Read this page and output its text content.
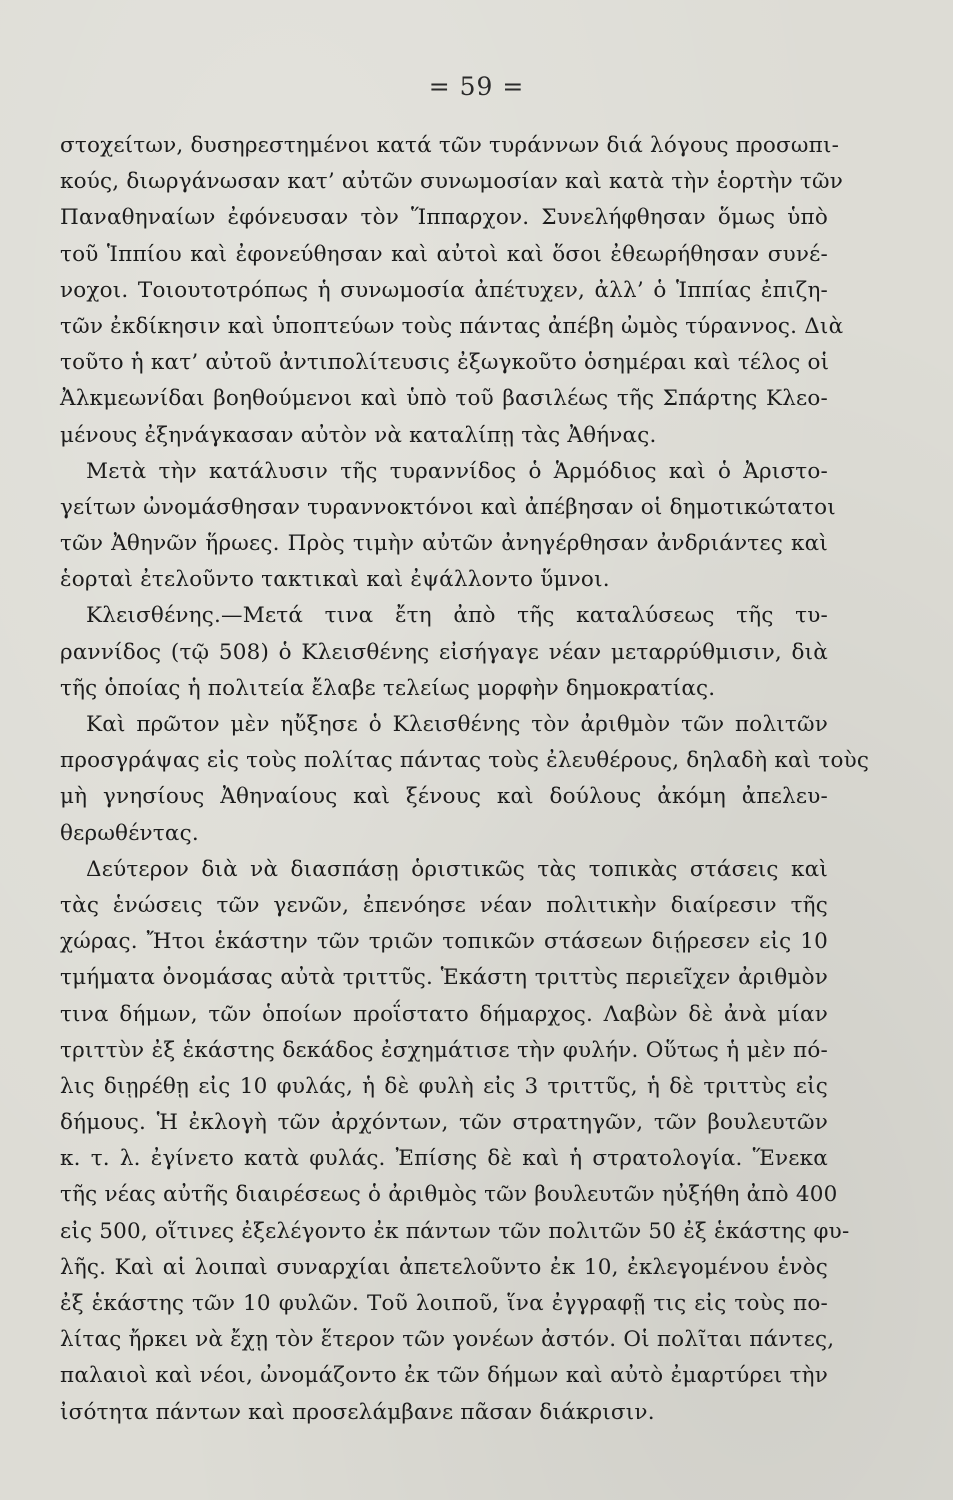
= 59 =
στοχείτων, δυσηρεστημένοι κατά τῶν τυράννων διά λόγους προσωπι-
κούς, διωργάνωσαν κατ’ αὐτῶν συνωμοσίαν καὶ κατὰ τὴν ἑορτὴν τῶν
Παναθηναίων ἐφόνευσαν τὸν Ἵππαρχον. Συνελήφθησαν ὅμως ὑπὸ
τοῦ Ἱππίου καὶ ἐφονεύθησαν καὶ αὐτοὶ καὶ ὅσοι ἐθεωρήθησαν συνέ-
νοχοι. Τοιουτοτρόπως ἡ συνωμοσία ἀπέτυχεν, ἀλλ’ ὁ Ἱππίας ἐπιζη-
τῶν ἐκδίκησιν καὶ ὑποπτεύων τοὺς πάντας ἀπέβη ὠμὸς τύραννος. Διὰ
τοῦτο ἡ κατ’ αὐτοῦ ἀντιπολίτευσις ἐξωγκοῦτο ὁσημέραι καὶ τέλος οἱ
Ἀλκμεωνίδαι βοηθούμενοι καὶ ὑπὸ τοῦ βασιλέως τῆς Σπάρτης Κλεο-
μένους ἐξηνάγκασαν αὐτὸν νὰ καταλίπῃ τὰς Ἀθήνας.
Μετὰ τὴν κατάλυσιν τῆς τυραννίδος ὁ Ἁρμόδιος καὶ ὁ Ἀριστο-
γείτων ὠνομάσθησαν τυραννοκτόνοι καὶ ἀπέβησαν οἱ δημοτικώτατοι
τῶν Ἀθηνῶν ἥρωες. Πρὸς τιμὴν αὐτῶν ἀνηγέρθησαν ἀνδριάντες καὶ
ἑορταὶ ἐτελοῦντο τακτικαὶ καὶ ἐψάλλοντο ὕμνοι.
Κλεισθένης.—Μετά τινα ἔτη ἀπὸ τῆς καταλύσεως τῆς τυ-
ραννίδος (τῷ 508) ὁ Κλεισθένης εἰσήγαγε νέαν μεταρρύθμισιν, διὰ
τῆς ὁποίας ἡ πολιτεία ἔλαβε τελείως μορφὴν δημοκρατίας.
Καὶ πρῶτον μὲν ηὔξησε ὁ Κλεισθένης τὸν ἀριθμὸν τῶν πολιτῶν
προσγράψας εἰς τοὺς πολίτας πάντας τοὺς ἐλευθέρους, δηλαδὴ καὶ τοὺς
μὴ γνησίους Ἀθηναίους καὶ ξένους καὶ δούλους ἀκόμη ἀπελευ-
θερωθέντας.
Δεύτερον διὰ νὰ διασπάσῃ ὁριστικῶς τὰς τοπικὰς στάσεις καὶ
τὰς ἑνώσεις τῶν γενῶν, ἐπενόησε νέαν πολιτικὴν διαίρεσιν τῆς
χώρας. Ἤτοι ἑκάστην τῶν τριῶν τοπικῶν στάσεων διῄρεσεν εἰς 10
τμήματα ὀνομάσας αὐτὰ τριττῦς. Ἑκάστη τριττὺς περιεῖχεν ἀριθμὸν
τινα δήμων, τῶν ὁποίων προΐστατο δήμαρχος. Λαβὼν δὲ ἀνὰ μίαν
τριττὺν ἐξ ἑκάστης δεκάδος ἐσχημάτισε τὴν φυλήν. Οὕτως ἡ μὲν πό-
λις διῃρέθῃ εἰς 10 φυλάς, ἡ δὲ φυλὴ εἰς 3 τριττῦς, ἡ δὲ τριττὺς εἰς
δήμους. Ἡ ἐκλογὴ τῶν ἀρχόντων, τῶν στρατηγῶν, τῶν βουλευτῶν
κ. τ. λ. ἐγίνετο κατὰ φυλάς. Ἐπίσης δὲ καὶ ἡ στρατολογία. Ἕνεκα
τῆς νέας αὐτῆς διαιρέσεως ὁ ἀριθμὸς τῶν βουλευτῶν ηὐξήθη ἀπὸ 400
εἰς 500, οἵτινες ἐξελέγοντο ἐκ πάντων τῶν πολιτῶν 50 ἐξ ἑκάστης φυ-
λῆς. Καὶ αἱ λοιπαὶ συναρχίαι ἀπετελοῦντο ἐκ 10, ἐκλεγομένου ἑνὸς
ἐξ ἑκάστης τῶν 10 φυλῶν. Τοῦ λοιποῦ, ἵνα ἐγγραφῇ τις εἰς τοὺς πο-
λίτας ἤρκει νὰ ἔχῃ τὸν ἕτερον τῶν γονέων ἀστόν. Οἱ πολῖται πάντες,
παλαιοὶ καὶ νέοι, ὠνομάζοντο ἐκ τῶν δήμων καὶ αὐτὸ ἐμαρτύρει τὴν
ἰσότητα πάντων καὶ προσελάμβανε πᾶσαν διάκρισιν.
